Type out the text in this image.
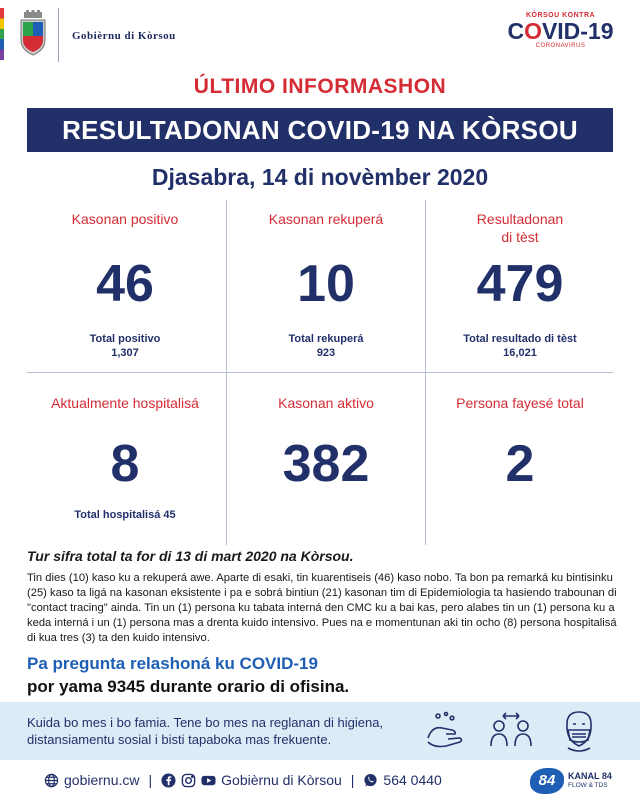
Gobièrnu di Kòrsou
KÒRSOU KONTRA
COVID-19
CORONAVIRUS
ÚLTIMO INFORMASHON
RESULTADONAN COVID-19 NA KÒRSOU
Djasabra, 14 di novèmber 2020
Kasonan positivo
46
Total positivo
1,307
Kasonan rekuperá
10
Total rekuperá
923
Resultadonan
di tèst
479
Total resultado di tèst
16,021
Aktualmente hospitalisá
8
Total hospitalisá 45
Kasonan aktivo
382
Persona fayesé total
2
Tur sifra total ta for di 13 di mart 2020 na Kòrsou.
Tin dies (10) kaso ku a rekuperá awe. Aparte di esaki, tin kuarentiseis (46) kaso nobo. Ta bon pa remarká ku bintisinku (25) kaso ta ligá na kasonan eksistente i pa e sobrá bintiun (21) kasonan tim di Epidemiologia ta hasiendo trabounan di "contact tracing" ainda. Tin un (1) persona ku tabata interná den CMC ku a bai kas, pero alabes tin un (1) persona ku a keda interná i un (1) persona mas a drenta kuido intensivo. Pues na e momentunan aki tin ocho (8) persona hospitalisá di kua tres (3) ta den kuido intensivo.
Pa pregunta relashoná ku COVID-19
por yama 9345 durante orario di ofisina.
Kuida bo mes i bo famia. Tene bo mes na reglanan di higiena, distansiamentu sosial i bisti tapaboka mas frekuente.
gobiernu.cw |	Gobièrnu di Kòrsou | 564 0440	84	KANAL 84
FLOW & TDS
